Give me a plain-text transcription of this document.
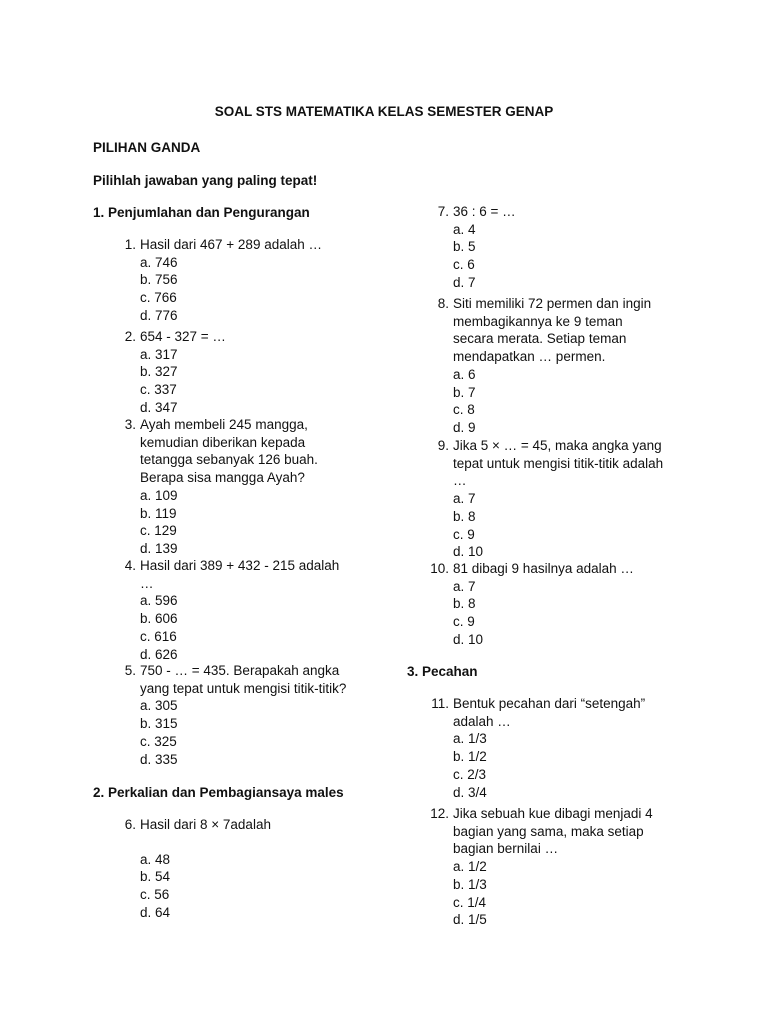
SOAL STS MATEMATIKA KELAS SEMESTER GENAP
PILIHAN GANDA
Pilihlah jawaban yang paling tepat!
1. Penjumlahan dan Pengurangan
1. Hasil dari 467 + 289 adalah …
a. 746
b. 756
c. 766
d. 776
2. 654 - 327 = …
a. 317
b. 327
c. 337
d. 347
3. Ayah membeli 245 mangga,
kemudian diberikan kepada
tetangga sebanyak 126 buah.
Berapa sisa mangga Ayah?
a. 109
b. 119
c. 129
d. 139
4. Hasil dari 389 + 432 - 215 adalah
…
a. 596
b. 606
c. 616
d. 626
5. 750 - … = 435. Berapakah angka
yang tepat untuk mengisi titik-titik?
a. 305
b. 315
c. 325
d. 335
2. Perkalian dan Pembagiansaya males
6. Hasil dari 8 × 7adalah
a. 48
b. 54
c. 56
d. 64
7. 36 : 6 = …
a. 4
b. 5
c. 6
d. 7
8. Siti memiliki 72 permen dan ingin
membagikannya ke 9 teman
secara merata. Setiap teman
mendapatkan … permen.
a. 6
b. 7
c. 8
d. 9
9. Jika 5 × … = 45, maka angka yang
tepat untuk mengisi titik-titik adalah
…
a. 7
b. 8
c. 9
d. 10
10. 81 dibagi 9 hasilnya adalah …
a. 7
b. 8
c. 9
d. 10
3. Pecahan
11. Bentuk pecahan dari “setengah”
adalah …
a. 1/3
b. 1/2
c. 2/3
d. 3/4
12. Jika sebuah kue dibagi menjadi 4
bagian yang sama, maka setiap
bagian bernilai …
a. 1/2
b. 1/3
c. 1/4
d. 1/5
